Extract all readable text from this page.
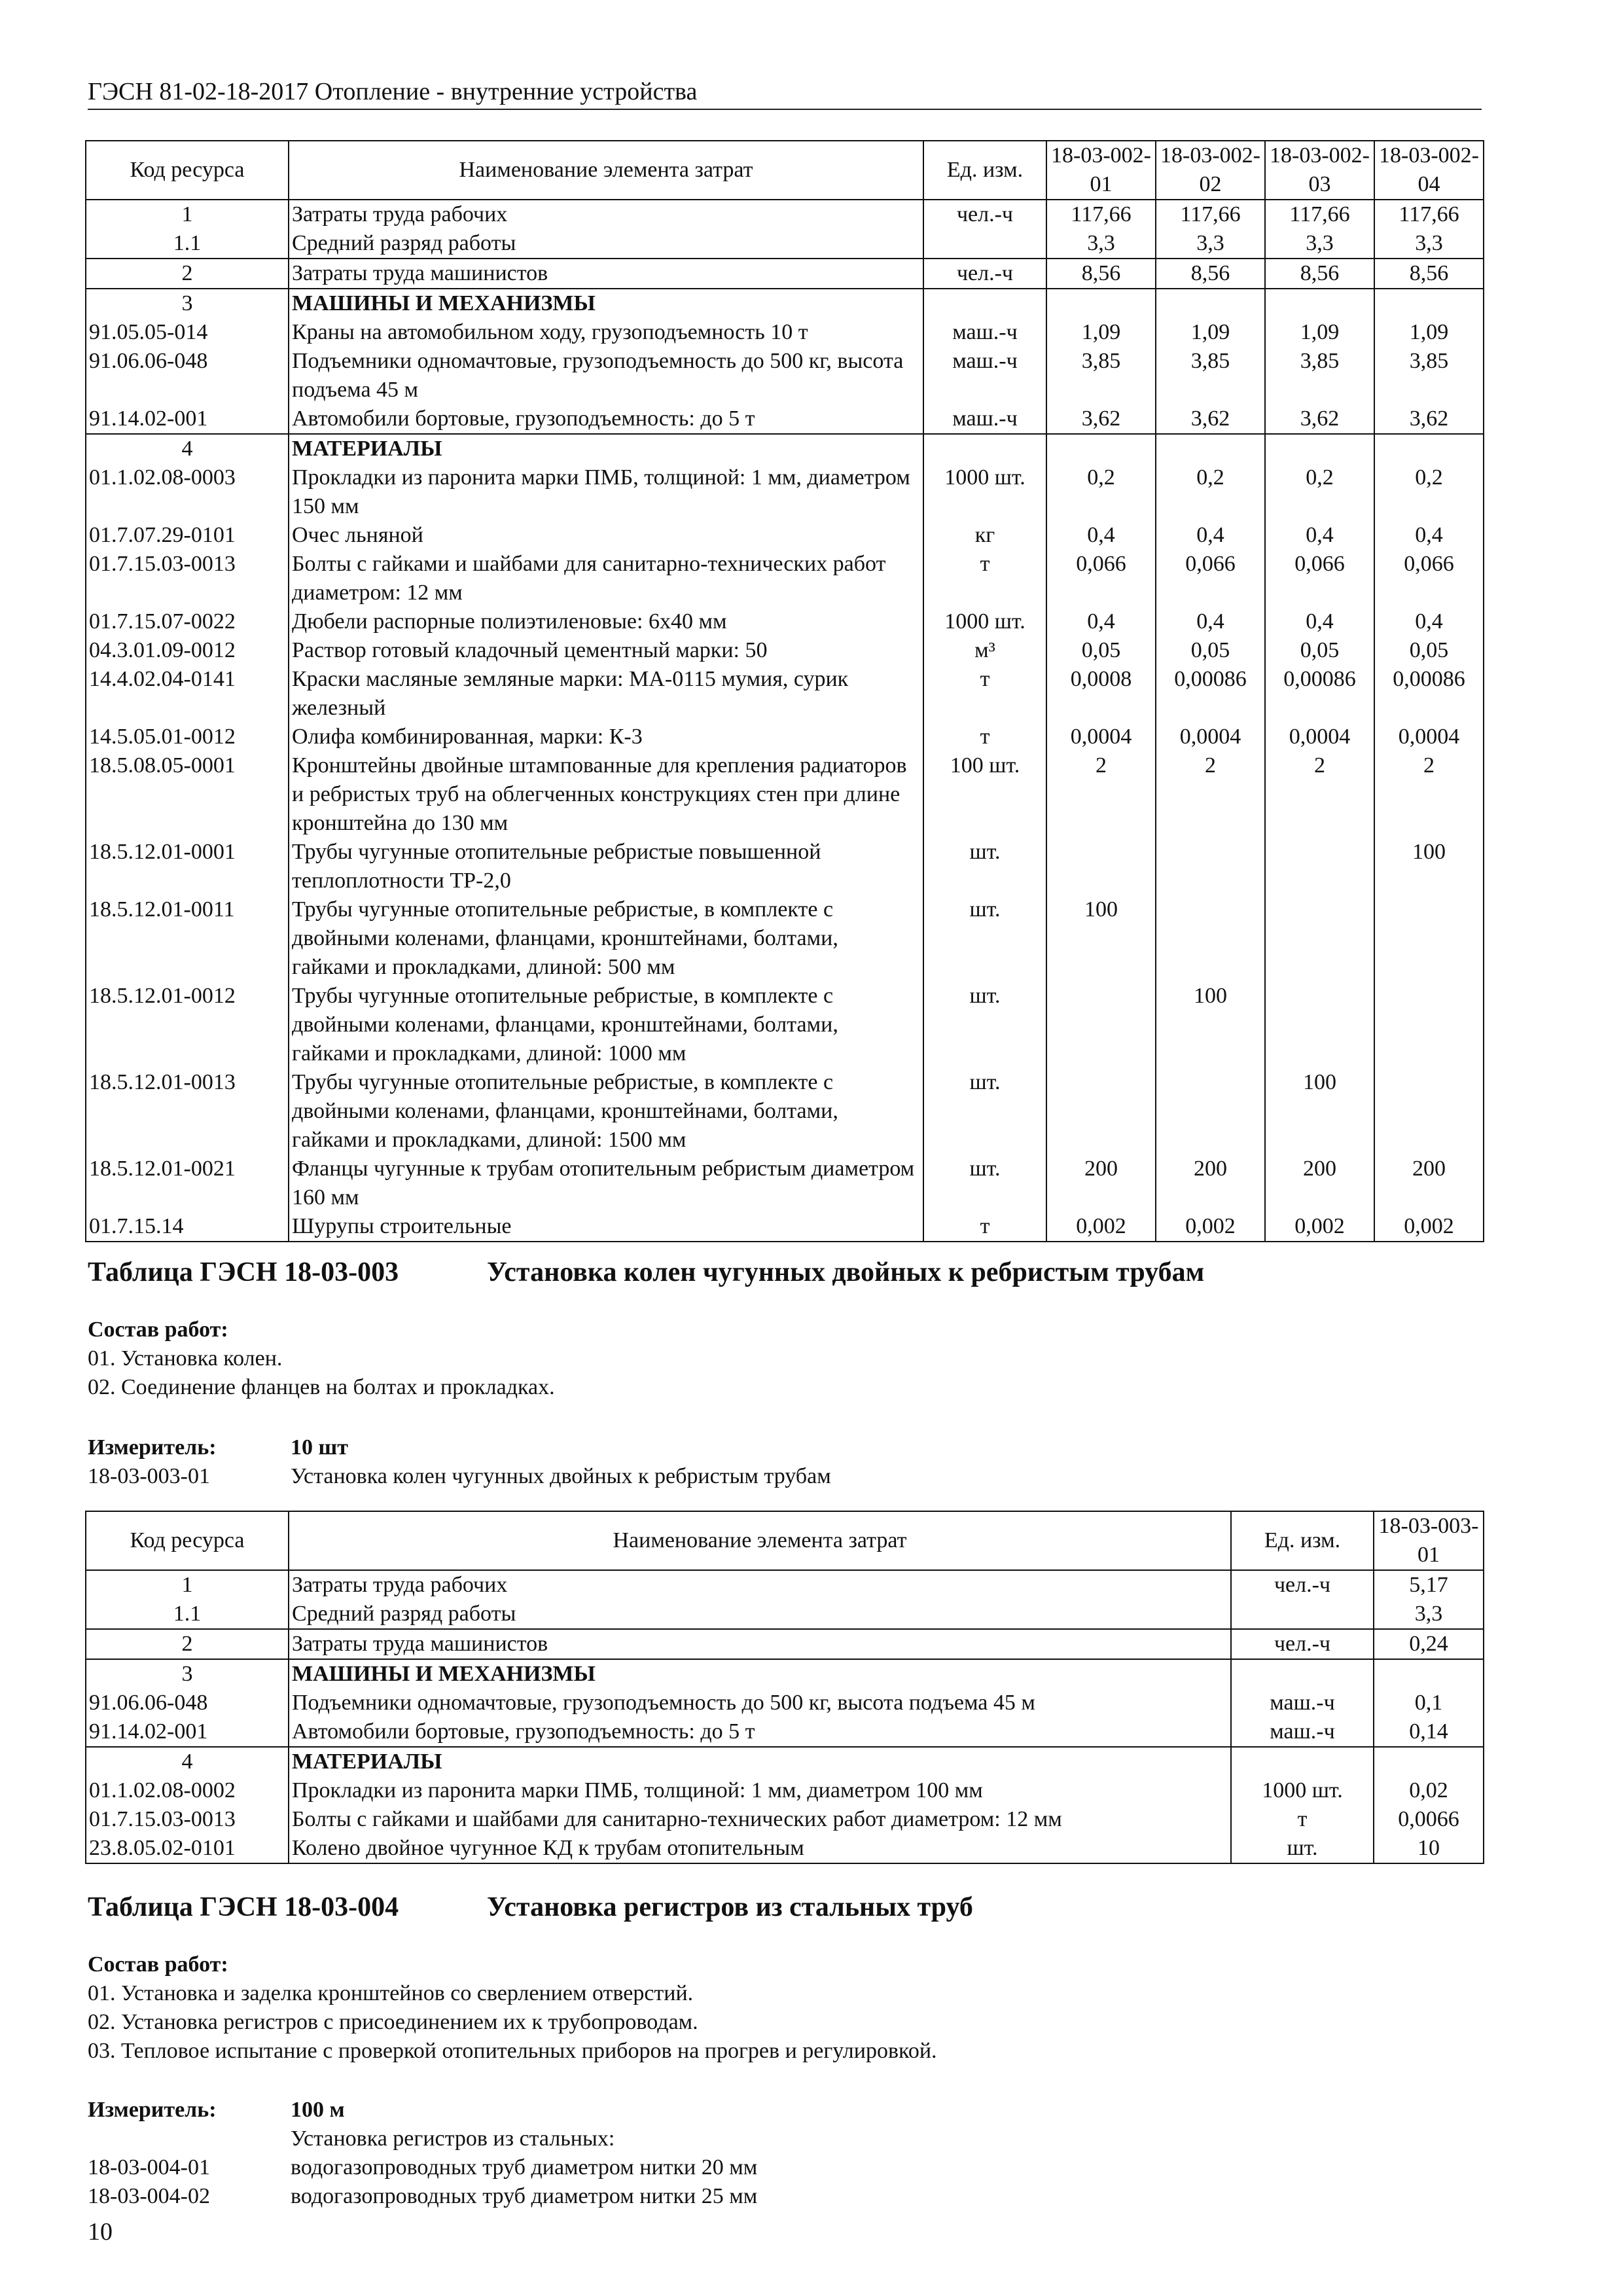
ГЭСН 81-02-18-2017 Отопление - внутренние устройства
Код ресурса	Наименование элемента затрат	Ед. изм.	18-03-002-01	18-03-002-02	18-03-002-03	18-03-002-04
1	Затраты труда рабочих	чел.-ч	117,66	117,66	117,66	117,66
1.1	Средний разряд работы		3,3	3,3	3,3	3,3
2	Затраты труда машинистов	чел.-ч	8,56	8,56	8,56	8,56
3	МАШИНЫ И МЕХАНИЗМЫ					
91.05.05-014	Краны на автомобильном ходу, грузоподъемность 10 т	маш.-ч	1,09	1,09	1,09	1,09
91.06.06-048	Подъемники одномачтовые, грузоподъемность до 500 кг, высота подъема 45 м	маш.-ч	3,85	3,85	3,85	3,85
91.14.02-001	Автомобили бортовые, грузоподъемность: до 5 т	маш.-ч	3,62	3,62	3,62	3,62
4	МАТЕРИАЛЫ					
01.1.02.08-0003	Прокладки из паронита марки ПМБ, толщиной: 1 мм, диаметром 150 мм	1000 шт.	0,2	0,2	0,2	0,2
01.7.07.29-0101	Очес льняной	кг	0,4	0,4	0,4	0,4
01.7.15.03-0013	Болты с гайками и шайбами для санитарно-технических работ диаметром: 12 мм	т	0,066	0,066	0,066	0,066
01.7.15.07-0022	Дюбели распорные полиэтиленовые: 6х40 мм	1000 шт.	0,4	0,4	0,4	0,4
04.3.01.09-0012	Раствор готовый кладочный цементный марки: 50	м³	0,05	0,05	0,05	0,05
14.4.02.04-0141	Краски масляные земляные марки: МА-0115 мумия, сурик железный	т	0,0008	0,00086	0,00086	0,00086
14.5.05.01-0012	Олифа комбинированная, марки: К-3	т	0,0004	0,0004	0,0004	0,0004
18.5.08.05-0001	Кронштейны двойные штампованные для крепления радиаторов и ребристых труб на облегченных конструкциях стен при длине кронштейна до 130 мм	100 шт.	2	2	2	2
18.5.12.01-0001	Трубы чугунные отопительные ребристые повышенной теплоплотности ТР-2,0	шт.				100
18.5.12.01-0011	Трубы чугунные отопительные ребристые, в комплекте с двойными коленами, фланцами, кронштейнами, болтами, гайками и прокладками, длиной: 500 мм	шт.	100			
18.5.12.01-0012	Трубы чугунные отопительные ребристые, в комплекте с двойными коленами, фланцами, кронштейнами, болтами, гайками и прокладками, длиной: 1000 мм	шт.		100		
18.5.12.01-0013	Трубы чугунные отопительные ребристые, в комплекте с двойными коленами, фланцами, кронштейнами, болтами, гайками и прокладками, длиной: 1500 мм	шт.			100	
18.5.12.01-0021	Фланцы чугунные к трубам отопительным ребристым диаметром 160 мм	шт.	200	200	200	200
01.7.15.14	Шурупы строительные	т	0,002	0,002	0,002	0,002
Таблица ГЭСН 18-03-003	Установка колен чугунных двойных к ребристым трубам
Состав работ:
01. Установка колен.
02. Соединение фланцев на болтах и прокладках.
Измеритель:	10 шт
18-03-003-01	Установка колен чугунных двойных к ребристым трубам
Код ресурса	Наименование элемента затрат	Ед. изм.	18-03-003-01
1	Затраты труда рабочих	чел.-ч	5,17
1.1	Средний разряд работы		3,3
2	Затраты труда машинистов	чел.-ч	0,24
3	МАШИНЫ И МЕХАНИЗМЫ		
91.06.06-048	Подъемники одномачтовые, грузоподъемность до 500 кг, высота подъема 45 м	маш.-ч	0,1
91.14.02-001	Автомобили бортовые, грузоподъемность: до 5 т	маш.-ч	0,14
4	МАТЕРИАЛЫ		
01.1.02.08-0002	Прокладки из паронита марки ПМБ, толщиной: 1 мм, диаметром 100 мм	1000 шт.	0,02
01.7.15.03-0013	Болты с гайками и шайбами для санитарно-технических работ диаметром: 12 мм	т	0,0066
23.8.05.02-0101	Колено двойное чугунное КД к трубам отопительным	шт.	10
Таблица ГЭСН 18-03-004	Установка регистров из стальных труб
Состав работ:
01. Установка и заделка кронштейнов со сверлением отверстий.
02. Установка регистров с присоединением их к трубопроводам.
03. Тепловое испытание с проверкой отопительных приборов на прогрев и регулировкой.
Измеритель:	100 м
Установка регистров из стальных:
18-03-004-01	водогазопроводных труб диаметром нитки 20 мм
18-03-004-02	водогазопроводных труб диаметром нитки 25 мм
10
